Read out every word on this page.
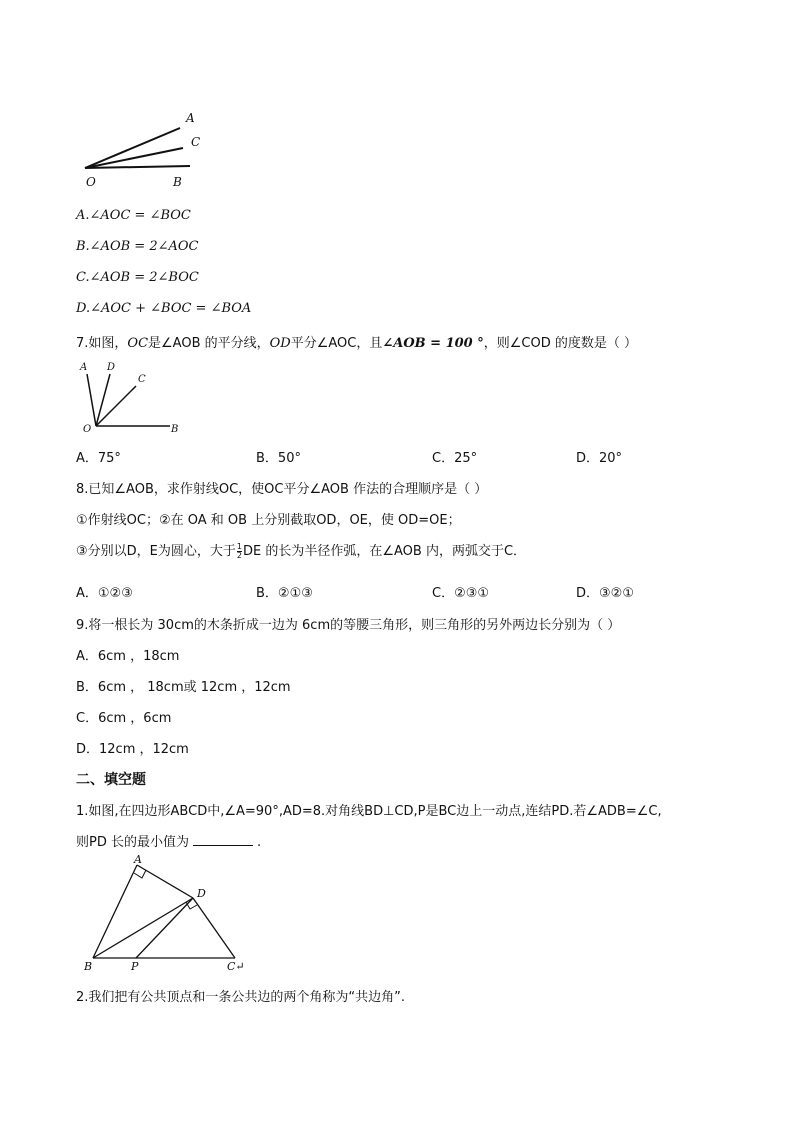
A
C
O	B
A.∠AOC = ∠BOC
B.∠AOB = 2∠AOC
C.∠AOB = 2∠BOC
D.∠AOC + ∠BOC = ∠BOA
7.如图，OC是∠AOB 的平分线，OD平分∠AOC，且∠AOB = 100 °，则∠COD 的度数是（ ）
A D
C
O	B
A．75°	B．50°	C．25°	D．20°
8.已知∠AOB，求作射线OC，使OC平分∠AOB 作法的合理顺序是（ ）
①作射线OC；②在 OA 和 OB 上分别截取OD，OE，使 OD=OE；
③分别以D，E为圆心，大于 $\frac{1}{2}$ DE 的长为半径作弧，在∠AOB 内，两弧交于C．
A．①②③	B．②①③	C．②③①	D．③②①
9.将一根长为 30cm的木条折成一边为 6cm的等腰三角形，则三角形的另外两边长分别为（ ）
A．6cm ，18cm
B．6cm ， 18cm或 12cm ，12cm
C．6cm ，6cm
D．12cm ，12cm
二、填空题
1.如图,在四边形ABCD中,∠A=90°,AD=8.对角线BD⊥CD,P是BC边上一动点,连结PD.若∠ADB=∠C,
则PD 长的最小值为	.
A
D
B	P	C↵
2.我们把有公共顶点和一条公共边的两个角称为“共边角”.
